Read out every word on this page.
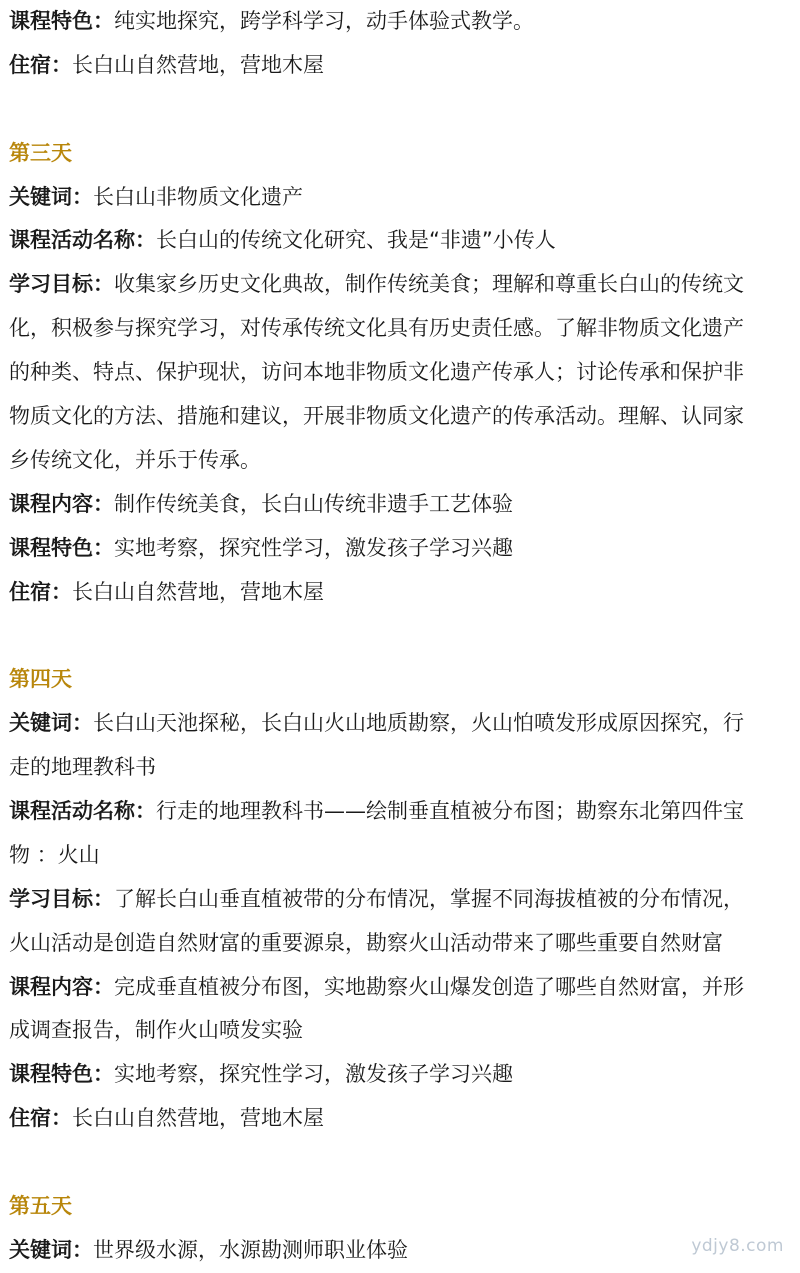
课程特色：纯实地探究，跨学科学习，动手体验式教学。
住宿：长白山自然营地，营地木屋
第三天
关键词：长白山非物质文化遗产
课程活动名称：长白山的传统文化研究、我是“非遗”小传人
学习目标：收集家乡历史文化典故，制作传统美食；理解和尊重长白山的传统文
化，积极参与探究学习，对传承传统文化具有历史责任感。了解非物质文化遗产
的种类、特点、保护现状，访问本地非物质文化遗产传承人；讨论传承和保护非
物质文化的方法、措施和建议，开展非物质文化遗产的传承活动。理解、认同家
乡传统文化，并乐于传承。
课程内容：制作传统美食，长白山传统非遗手工艺体验
课程特色：实地考察，探究性学习，激发孩子学习兴趣
住宿：长白山自然营地，营地木屋
第四天
关键词：长白山天池探秘，长白山火山地质勘察，火山怕喷发形成原因探究，行
走的地理教科书
课程活动名称：行走的地理教科书——绘制垂直植被分布图；勘察东北第四件宝
物 ：火山
学习目标：了解长白山垂直植被带的分布情况，掌握不同海拔植被的分布情况，
火山活动是创造自然财富的重要源泉，勘察火山活动带来了哪些重要自然财富
课程内容：完成垂直植被分布图，实地勘察火山爆发创造了哪些自然财富，并形
成调查报告，制作火山喷发实验
课程特色：实地考察，探究性学习，激发孩子学习兴趣
住宿：长白山自然营地，营地木屋
第五天
关键词：世界级水源，水源勘测师职业体验	ydjy8.com
